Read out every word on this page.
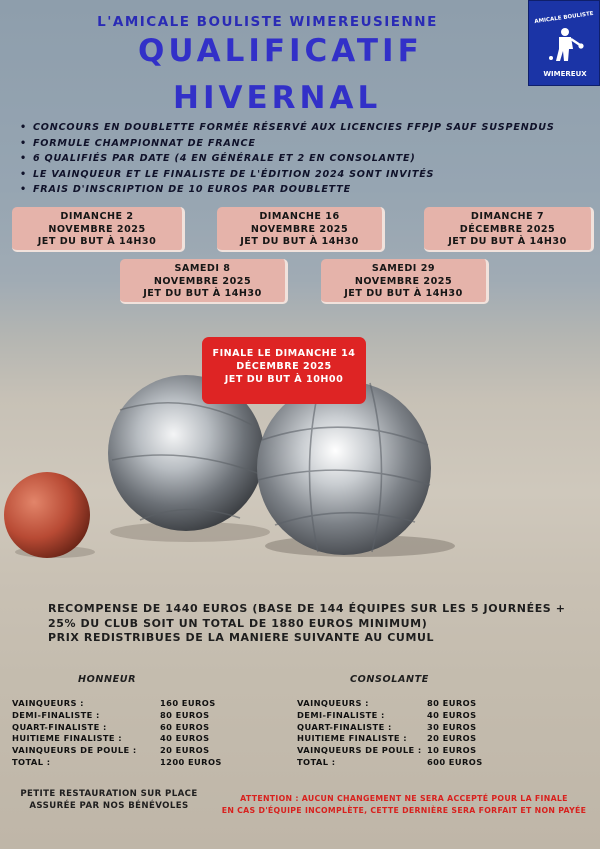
L'AMICALE BOULISTE WIMEREUSIENNE
QUALIFICATIF
HIVERNAL
AMICALE BOULISTE
WIMEREUX
• CONCOURS EN DOUBLETTE FORMÉE RÉSERVÉ AUX LICENCIES FFPJP SAUF SUSPENDUS
• FORMULE CHAMPIONNAT DE FRANCE
• 6 QUALIFIÉS PAR DATE (4 EN GÉNÉRALE ET 2 EN CONSOLANTE)
• LE VAINQUEUR ET LE FINALISTE DE L'ÉDITION 2024 SONT INVITÉS
• FRAIS D'INSCRIPTION DE 10 EUROS PAR DOUBLETTE
DIMANCHE 2
NOVEMBRE 2025
JET DU BUT À 14H30
DIMANCHE 16
NOVEMBRE 2025
JET DU BUT À 14H30
DIMANCHE 7
DÉCEMBRE 2025
JET DU BUT À 14H30
SAMEDI 8
NOVEMBRE 2025
JET DU BUT À 14H30
SAMEDI 29
NOVEMBRE 2025
JET DU BUT À 14H30
FINALE LE DIMANCHE 14
DÉCEMBRE 2025
JET DU BUT À 10H00
RECOMPENSE DE 1440 EUROS (BASE DE 144 ÉQUIPES SUR LES 5 JOURNÉES +
25% DU CLUB SOIT UN TOTAL DE 1880 EUROS MINIMUM)
PRIX REDISTRIBUES DE LA MANIERE SUIVANTE AU CUMUL
HONNEUR	CONSOLANTE
VAINQUEURS :	160 EUROS
DEMI-FINALISTE :	80 EUROS
QUART-FINALISTE :	60 EUROS
HUITIEME FINALISTE :	40 EUROS
VAINQUEURS DE POULE :	20 EUROS
TOTAL :	1200 EUROS
VAINQUEURS :	80 EUROS
DEMI-FINALISTE :	40 EUROS
QUART-FINALISTE :	30 EUROS
HUITIEME FINALISTE :	20 EUROS
VAINQUEURS DE POULE : 10 EUROS
TOTAL :	600 EUROS
PETITE RESTAURATION SUR PLACE
ASSURÉE PAR NOS BÉNÉVOLES
ATTENTION : AUCUN CHANGEMENT NE SERA ACCEPTÉ POUR LA FINALE
EN CAS D'ÉQUIPE INCOMPLÈTE, CETTE DERNIÈRE SERA FORFAIT ET NON PAYÉE
